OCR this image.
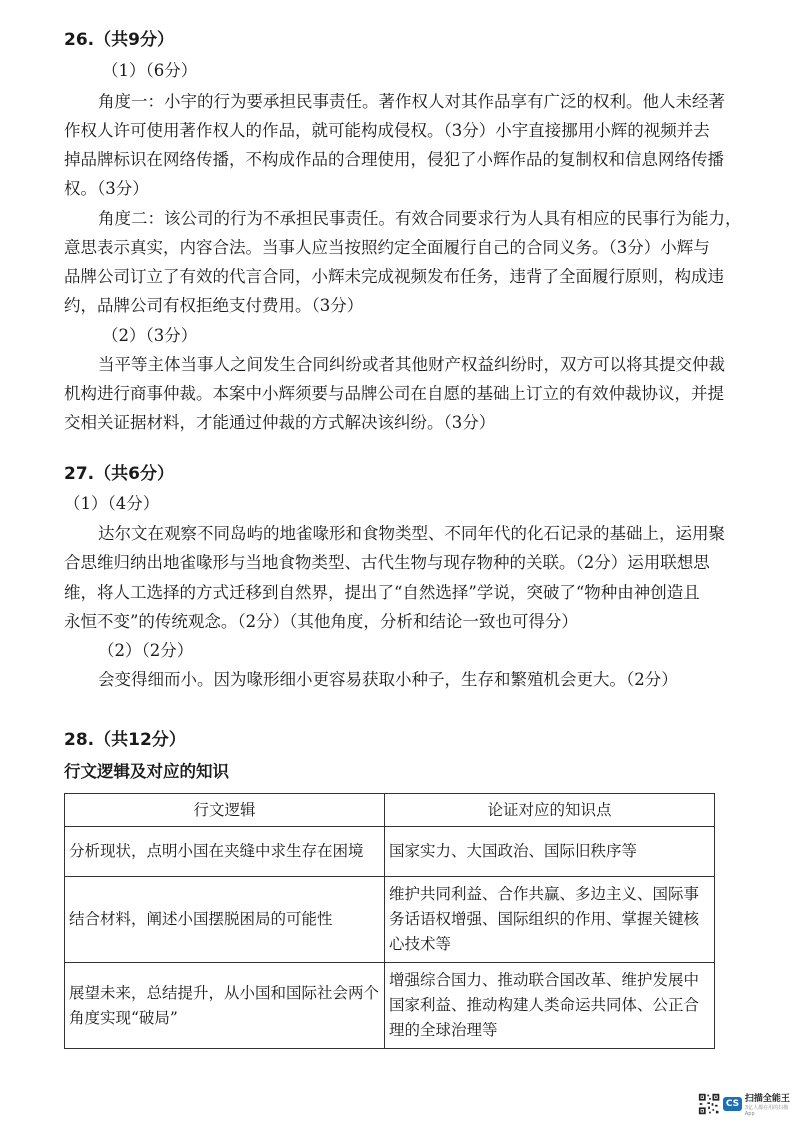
26.（共9分）
（1）（6分）
角度一：小宇的行为要承担民事责任。著作权人对其作品享有广泛的权利。他人未经著
作权人许可使用著作权人的作品，就可能构成侵权。（3分）小宇直接挪用小辉的视频并去
掉品牌标识在网络传播，不构成作品的合理使用，侵犯了小辉作品的复制权和信息网络传播
权。（3分）
角度二：该公司的行为不承担民事责任。有效合同要求行为人具有相应的民事行为能力，
意思表示真实，内容合法。当事人应当按照约定全面履行自己的合同义务。（3分）小辉与
品牌公司订立了有效的代言合同，小辉未完成视频发布任务，违背了全面履行原则，构成违
约，品牌公司有权拒绝支付费用。（3分）
（2）（3分）
当平等主体当事人之间发生合同纠纷或者其他财产权益纠纷时，双方可以将其提交仲裁
机构进行商事仲裁。本案中小辉须要与品牌公司在自愿的基础上订立的有效仲裁协议，并提
交相关证据材料，才能通过仲裁的方式解决该纠纷。（3分）
27.（共6分）
（1）（4分）
达尔文在观察不同岛屿的地雀喙形和食物类型、不同年代的化石记录的基础上，运用聚
合思维归纳出地雀喙形与当地食物类型、古代生物与现存物种的关联。（2分）运用联想思
维，将人工选择的方式迁移到自然界，提出了“自然选择”学说，突破了“物种由神创造且
永恒不变”的传统观念。（2分）（其他角度，分析和结论一致也可得分）
（2）（2分）
会变得细而小。因为喙形细小更容易获取小种子，生存和繁殖机会更大。（2分）
28.（共12分）
行文逻辑及对应的知识
行文逻辑	论证对应的知识点
分析现状，点明小国在夹缝中求生存在困境	国家实力、大国政治、国际旧秩序等
结合材料，阐述小国摆脱困局的可能性	维护共同利益、合作共赢、多边主义、国际事务话语权增强、国际组织的作用、掌握关键核心技术等
展望未来，总结提升，从小国和国际社会两个角度实现“破局”	增强综合国力、推动联合国改革、维护发展中国家利益、推动构建人类命运共同体、公正合理的全球治理等
CS 扫描全能王
3亿人都在用的扫描App
